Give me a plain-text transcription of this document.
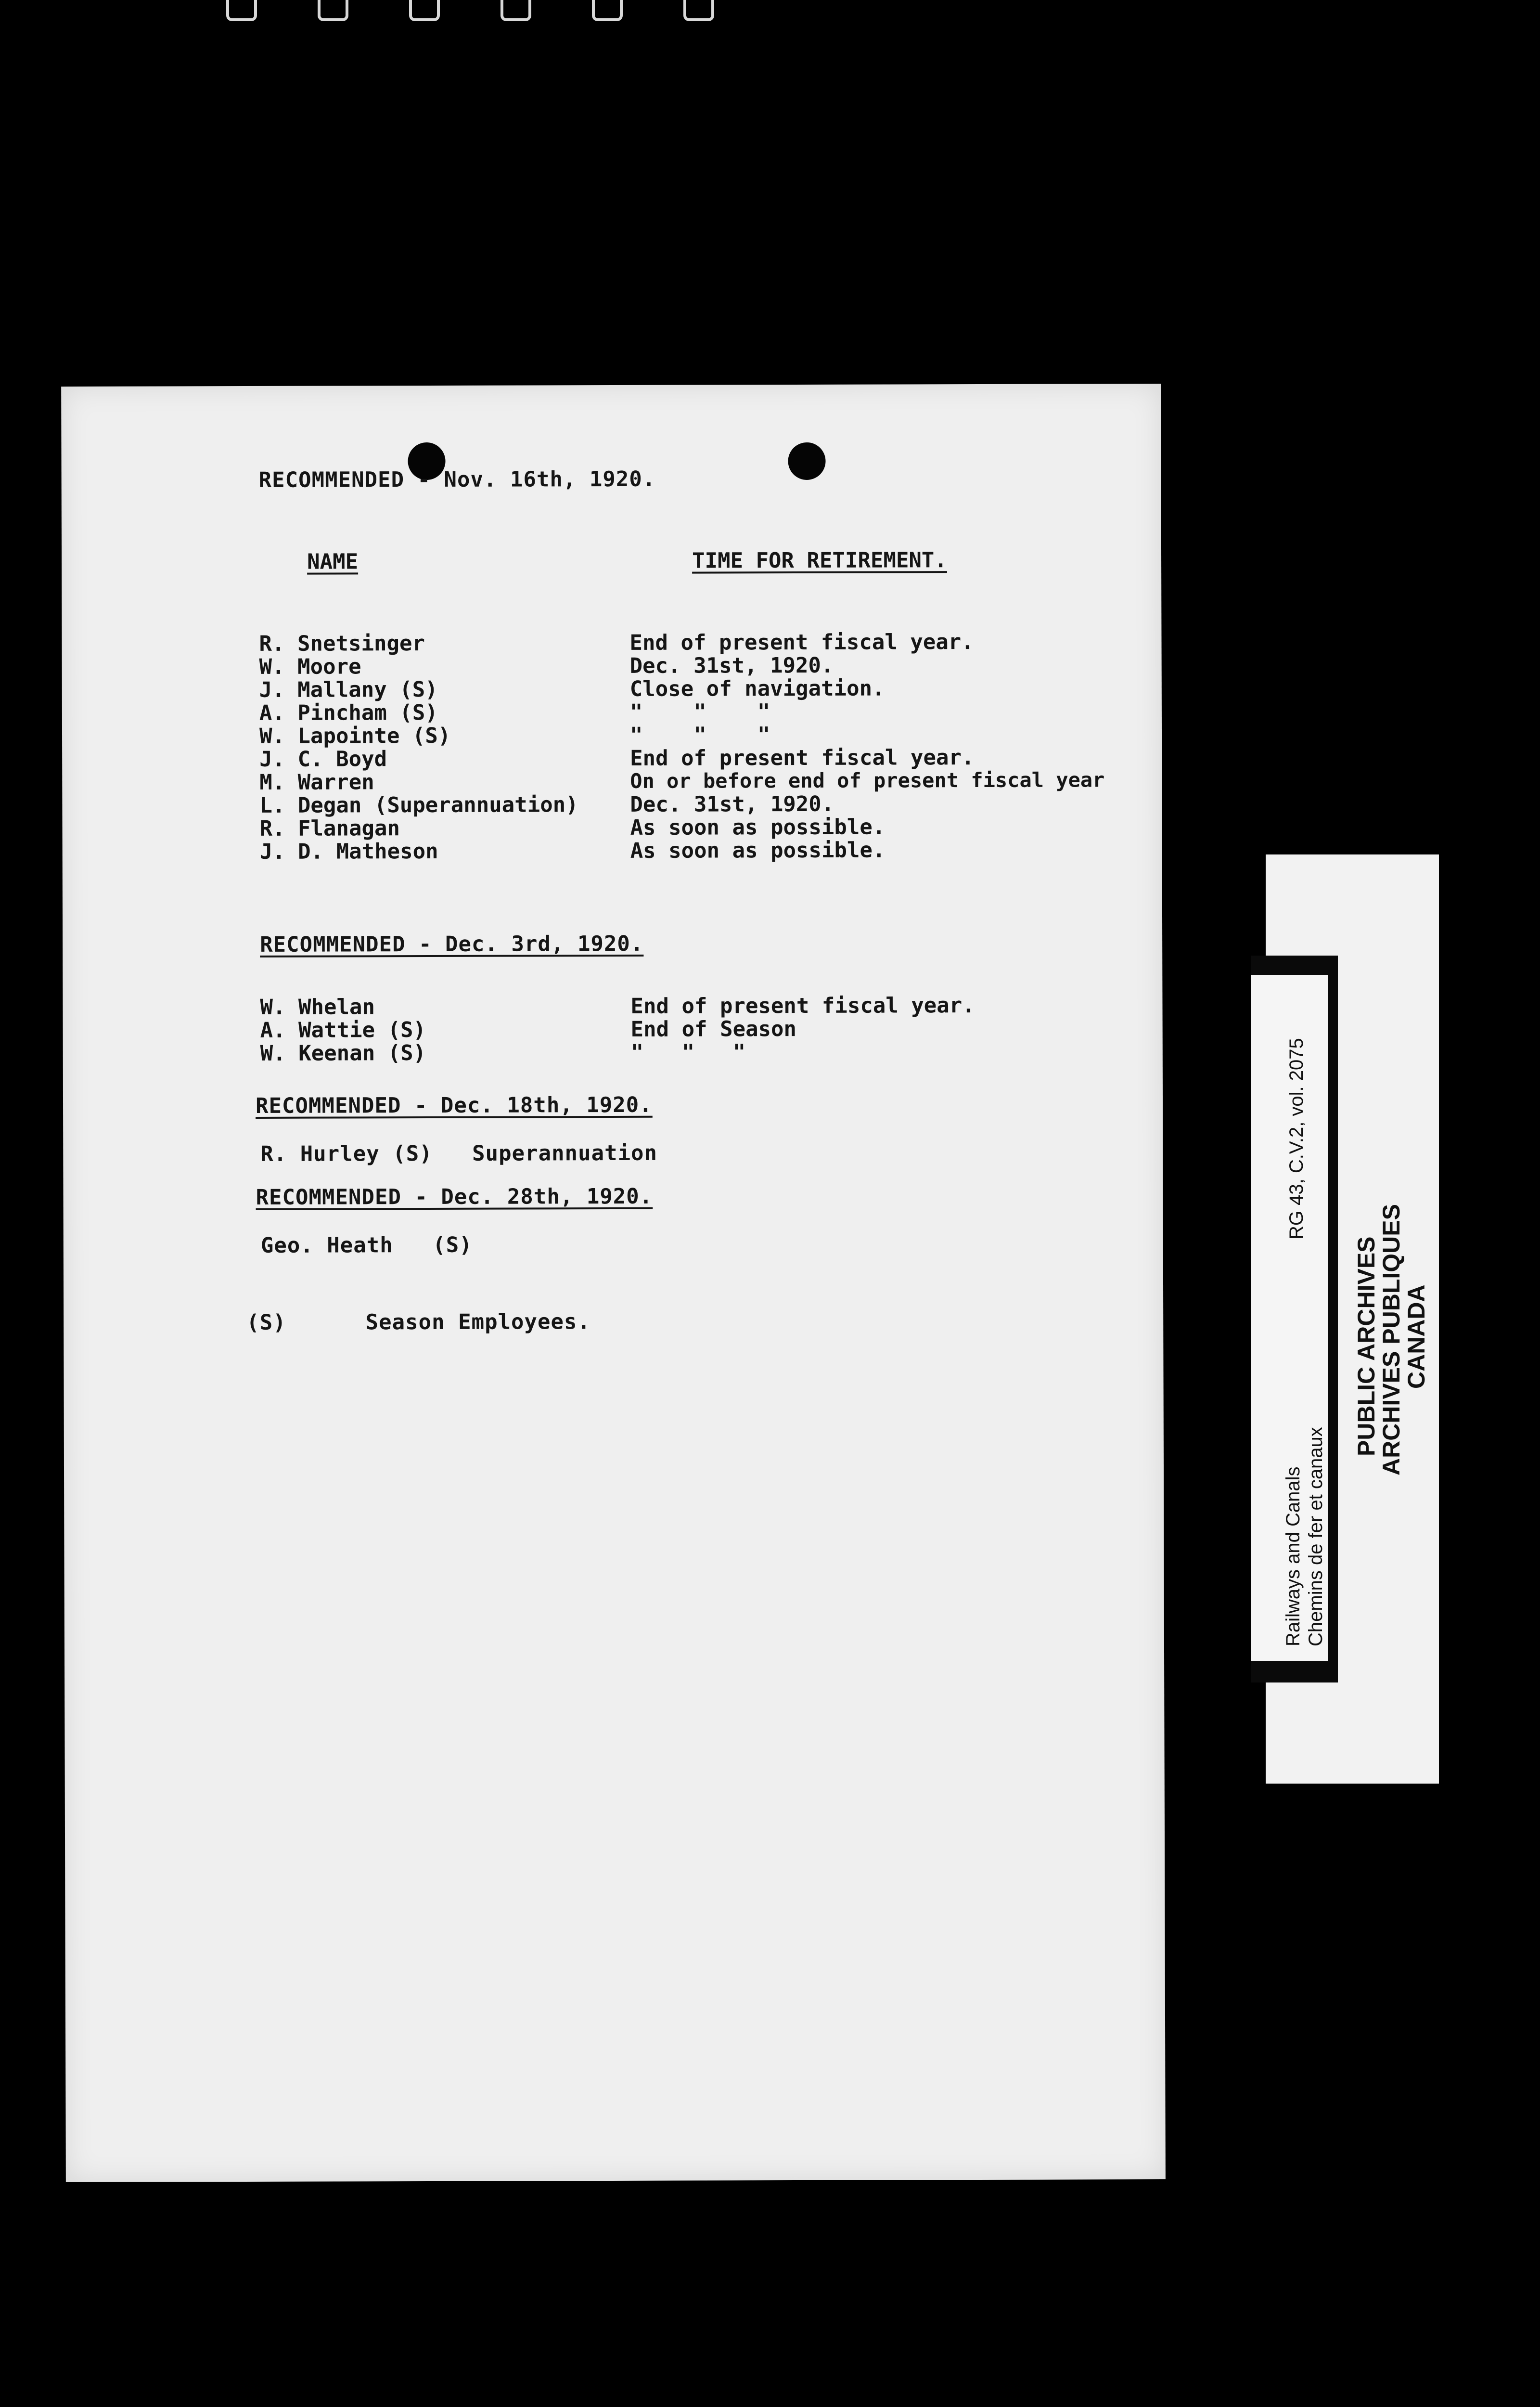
RECOMMENDED - Nov. 16th, 1920.
NAME	TIME FOR RETIREMENT.
R. Snetsinger	End of present fiscal year.
W. Moore	Dec. 31st, 1920.
J. Mallany (S)	Close of navigation.
A. Pincham (S)	"    "    "
W. Lapointe (S)	"    "    "
J. C. Boyd	End of present fiscal year.
M. Warren	On or before end of present fiscal year
L. Degan (Superannuation) Dec. 31st, 1920.
R. Flanagan	As soon as possible.
J. D. Matheson	As soon as possible.
RECOMMENDED - Dec. 3rd, 1920.
W. Whelan	End of present fiscal year.
A. Wattie (S)	End of Season
W. Keenan (S)	"   "   "
RECOMMENDED - Dec. 18th, 1920.
R. Hurley (S)   Superannuation
RECOMMENDED - Dec. 28th, 1920.
Geo. Heath   (S)
(S)      Season Employees.
Railways and Canals Chemins de fer et canaux
RG 43, C.V.2, vol. 2075
PUBLIC ARCHIVES
ARCHIVES PUBLIQUES
CANADA
